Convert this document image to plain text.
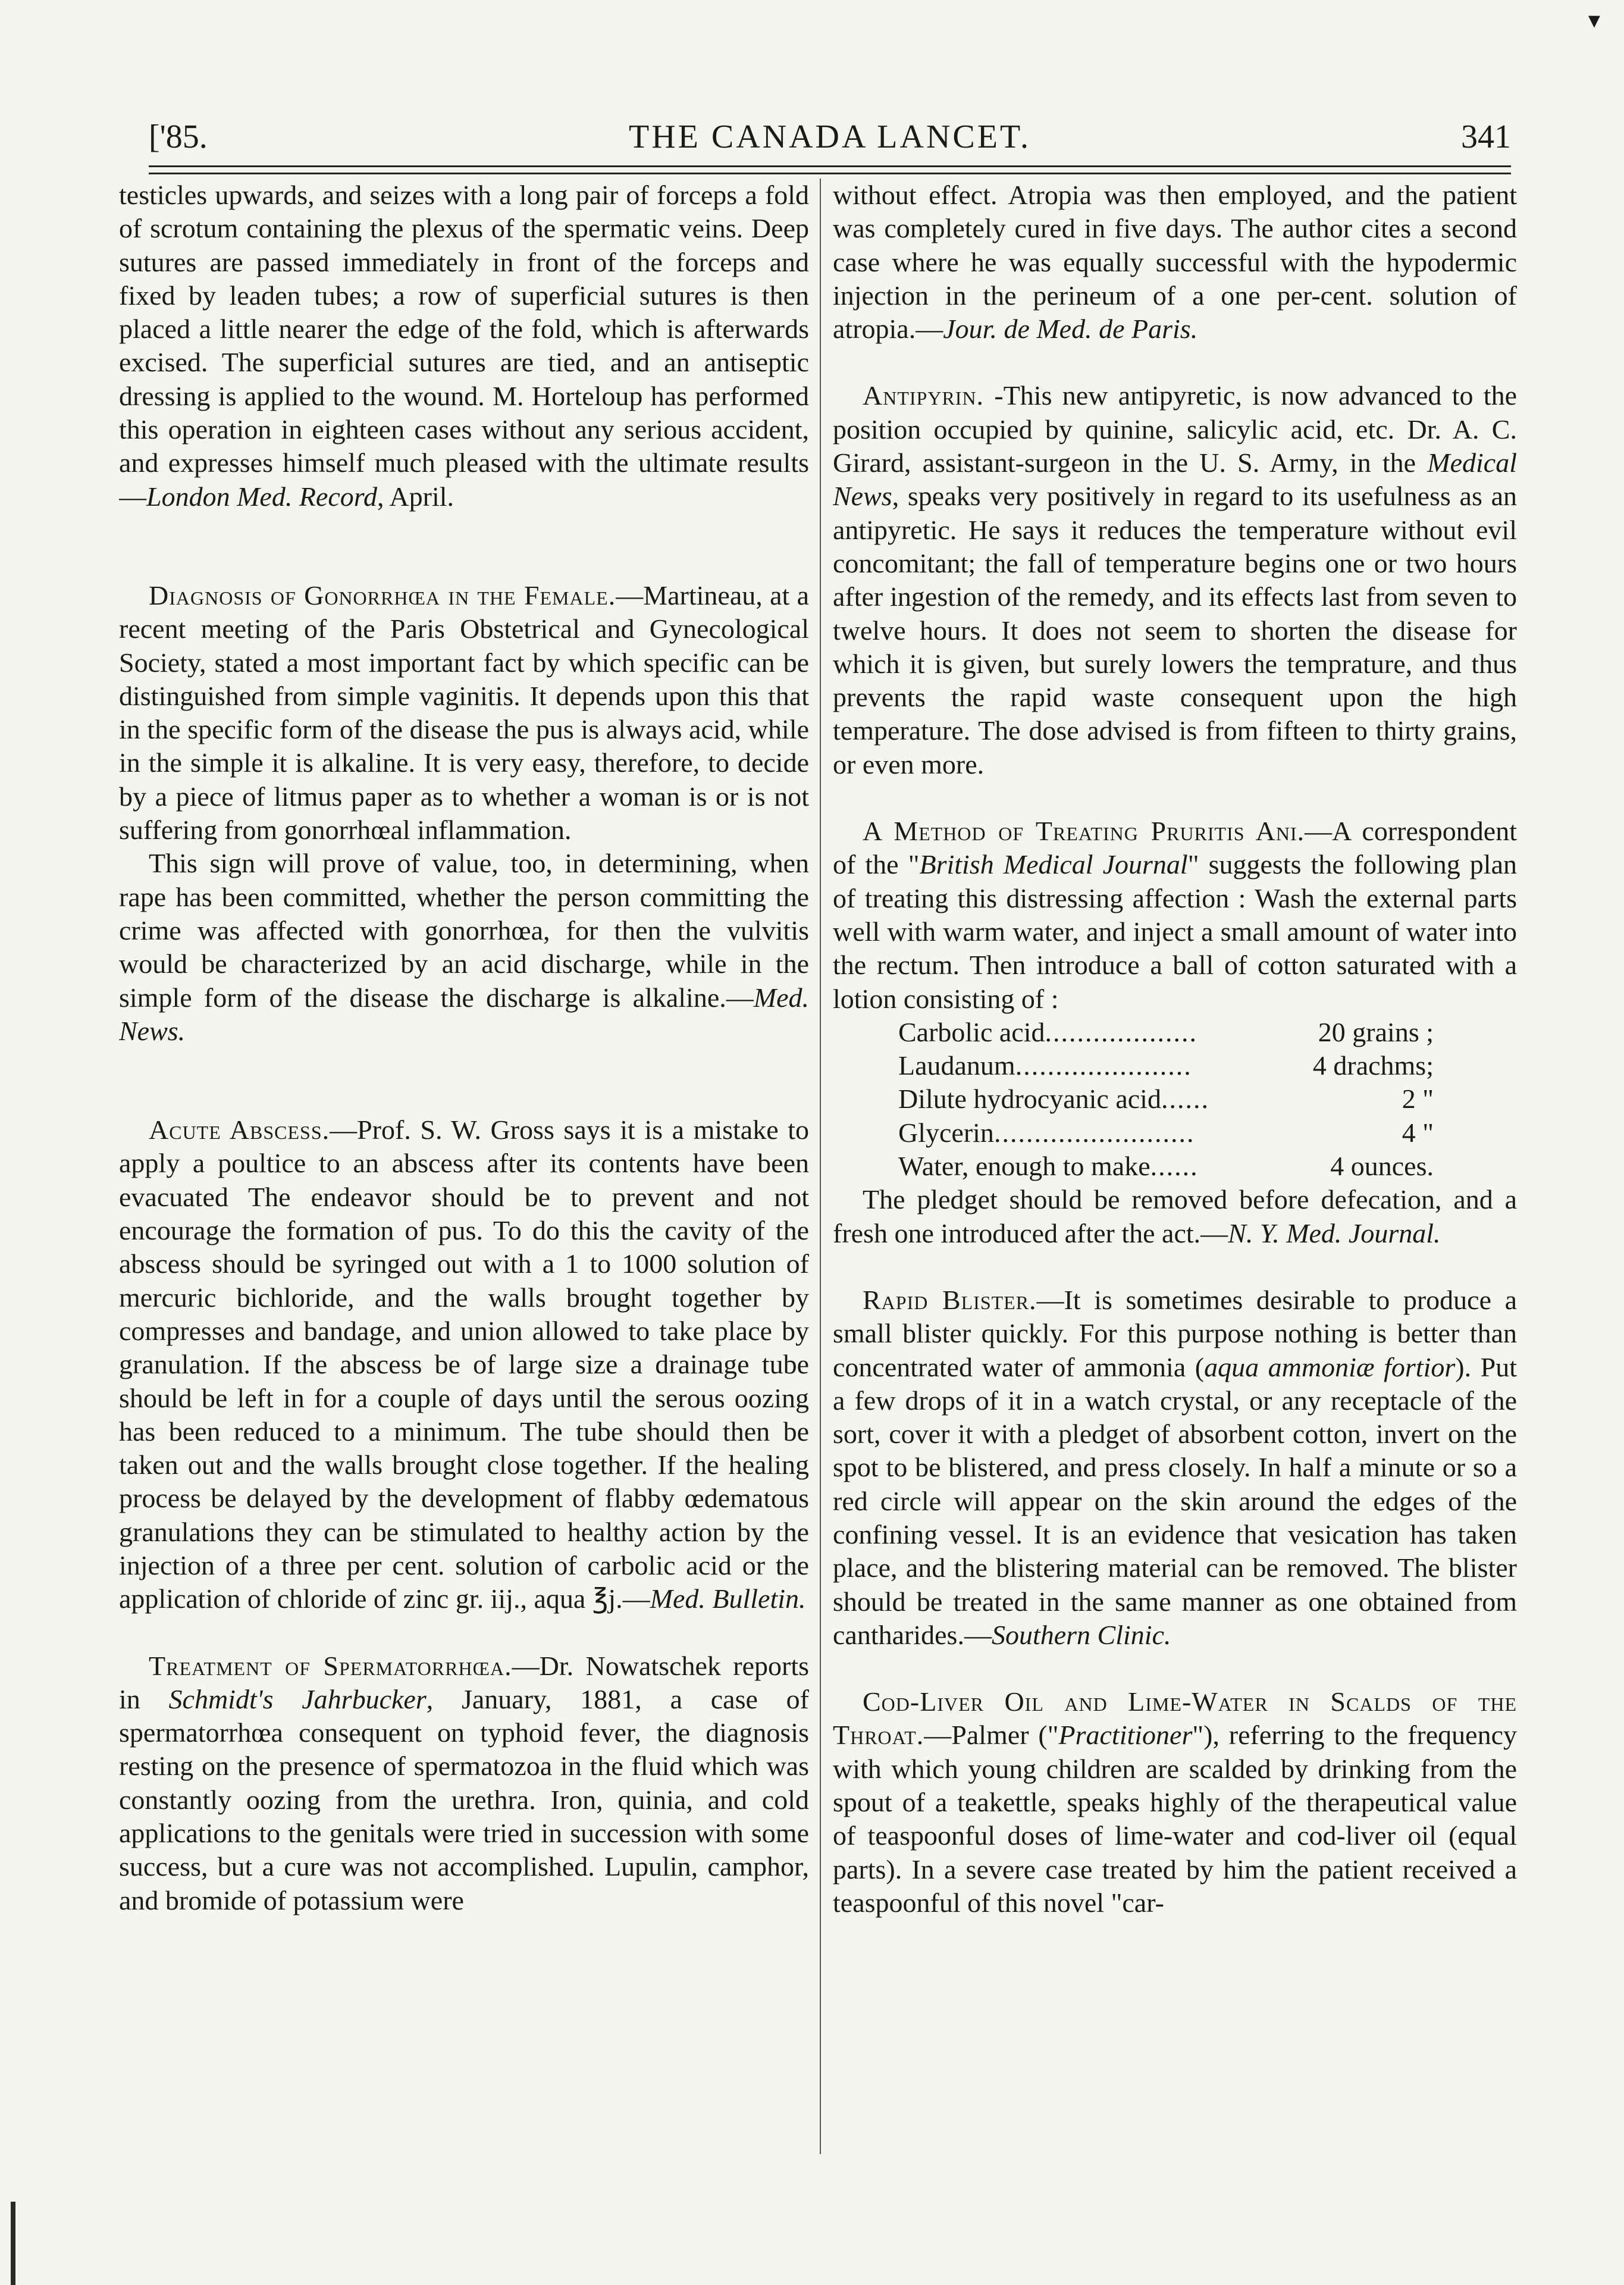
▾
['85.	THE CANADA LANCET.	341

testicles upwards, and seizes with a long pair of forceps a fold of scrotum containing the plexus of the spermatic veins. Deep sutures are passed immediately in front of the forceps and fixed by leaden tubes; a row of superficial sutures is then placed a little nearer the edge of the fold, which is afterwards excised. The superficial sutures are tied, and an antiseptic dressing is applied to the wound. M. Horteloup has performed this operation in eighteen cases without any serious accident, and expresses himself much pleased with the ultimate results —London Med. Record, April.

Diagnosis of Gonorrhœa in the Female.—Martineau, at a recent meeting of the Paris Obstetrical and Gynecological Society, stated a most important fact by which specific can be distinguished from simple vaginitis. It depends upon this that in the specific form of the disease the pus is always acid, while in the simple it is alkaline. It is very easy, therefore, to decide by a piece of litmus paper as to whether a woman is or is not suffering from gonorrhœal inflammation.

This sign will prove of value, too, in determining, when rape has been committed, whether the person committing the crime was affected with gonorrhœa, for then the vulvitis would be characterized by an acid discharge, while in the simple form of the disease the discharge is alkaline.—Med. News.

Acute Abscess.—Prof. S. W. Gross says it is a mistake to apply a poultice to an abscess after its contents have been evacuated The endeavor should be to prevent and not encourage the formation of pus. To do this the cavity of the abscess should be syringed out with a 1 to 1000 solution of mercuric bichloride, and the walls brought together by compresses and bandage, and union allowed to take place by granulation. If the abscess be of large size a drainage tube should be left in for a couple of days until the serous oozing has been reduced to a minimum. The tube should then be taken out and the walls brought close together. If the healing process be delayed by the development of flabby œdematous granulations they can be stimulated to healthy action by the injection of a three per cent. solution of carbolic acid or the application of chloride of zinc gr. iij., aqua ℥j.—Med. Bulletin.

Treatment of Spermatorrhœa.—Dr. Nowatschek reports in Schmidt's Jahrbucker, January, 1881, a case of spermatorrhœa consequent on typhoid fever, the diagnosis resting on the presence of spermatozoa in the fluid which was constantly oozing from the urethra. Iron, quinia, and cold applications to the genitals were tried in succession with some success, but a cure was not accomplished. Lupulin, camphor, and bromide of potassium were

without effect. Atropia was then employed, and the patient was completely cured in five days. The author cites a second case where he was equally successful with the hypodermic injection in the perineum of a one per-cent. solution of atropia.—Jour. de Med. de Paris.

Antipyrin. -This new antipyretic, is now advanced to the position occupied by quinine, salicylic acid, etc. Dr. A. C. Girard, assistant-surgeon in the U. S. Army, in the Medical News, speaks very positively in regard to its usefulness as an antipyretic. He says it reduces the temperature without evil concomitant; the fall of temperature begins one or two hours after ingestion of the remedy, and its effects last from seven to twelve hours. It does not seem to shorten the disease for which it is given, but surely lowers the temprature, and thus prevents the rapid waste consequent upon the high temperature. The dose advised is from fifteen to thirty grains, or even more.

A Method of Treating Pruritis Ani.—A correspondent of the "British Medical Journal" suggests the following plan of treating this distressing affection : Wash the external parts well with warm water, and inject a small amount of water into the rectum. Then introduce a ball of cotton saturated with a lotion consisting of :

Carbolic acid ...................	20 grains ;
Laudanum ......................	4 drachms;
Dilute hydrocyanic acid ......	2 "
Glycerin .........................	4 "
Water, enough to make ......	4 ounces.

The pledget should be removed before defecation, and a fresh one introduced after the act.—N. Y. Med. Journal.

Rapid Blister.—It is sometimes desirable to produce a small blister quickly. For this purpose nothing is better than concentrated water of ammonia (aqua ammoniæ fortior). Put a few drops of it in a watch crystal, or any receptacle of the sort, cover it with a pledget of absorbent cotton, invert on the spot to be blistered, and press closely. In half a minute or so a red circle will appear on the skin around the edges of the confining vessel. It is an evidence that vesication has taken place, and the blistering material can be removed. The blister should be treated in the same manner as one obtained from cantharides.—Southern Clinic.

Cod-Liver Oil and Lime-Water in Scalds of the Throat.—Palmer ("Practitioner"), referring to the frequency with which young children are scalded by drinking from the spout of a teakettle, speaks highly of the therapeutical value of teaspoonful doses of lime-water and cod-liver oil (equal parts). In a severe case treated by him the patient received a teaspoonful of this novel "car-
